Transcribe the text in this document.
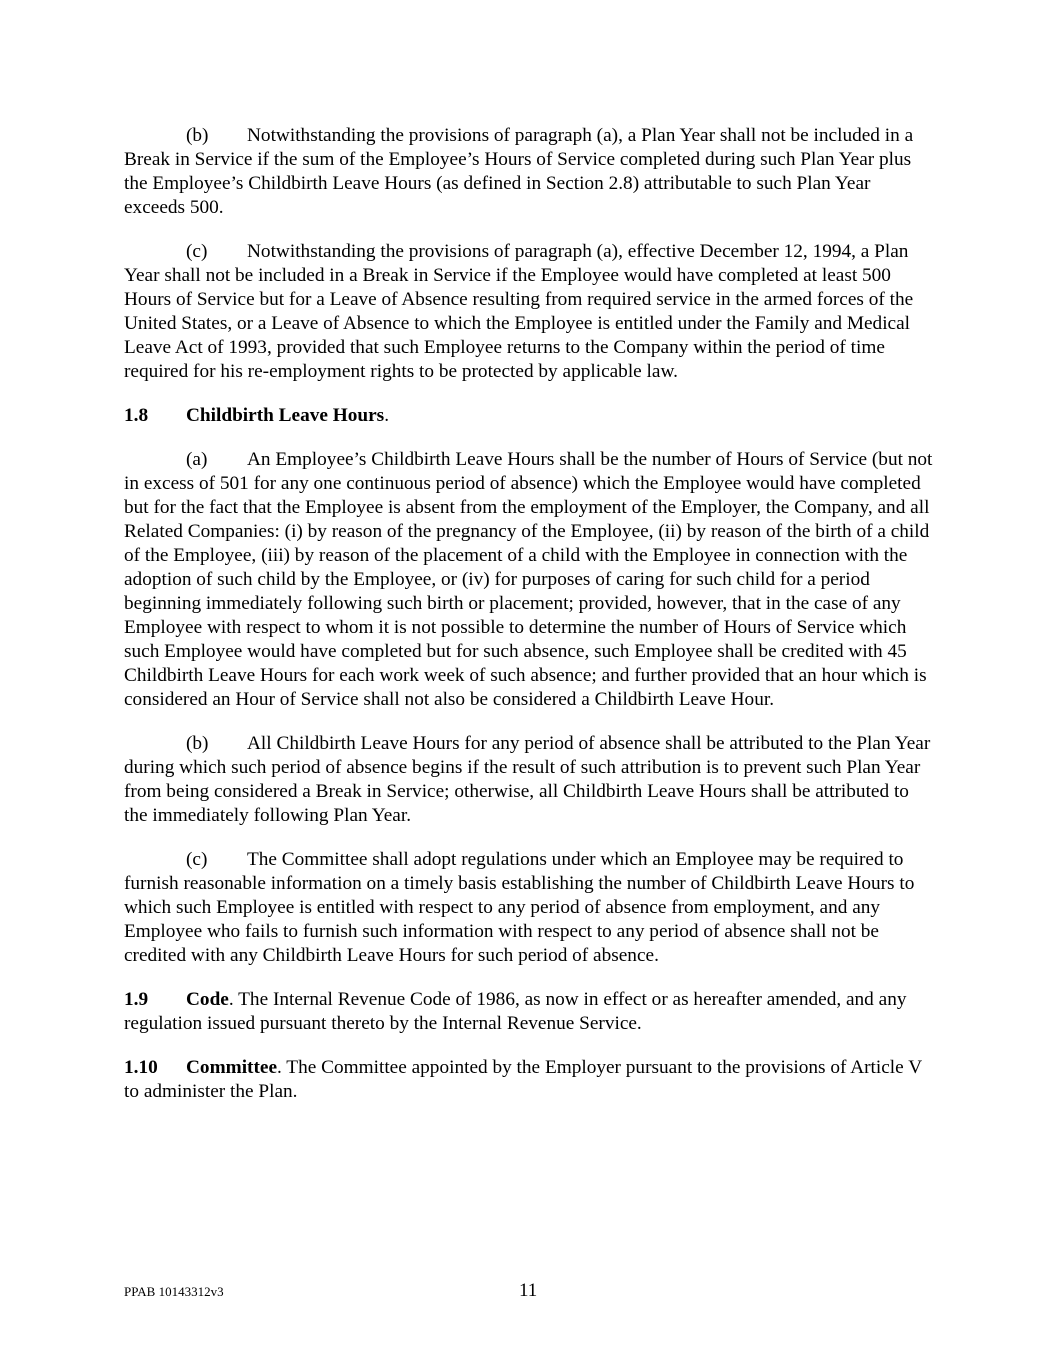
(b) Notwithstanding the provisions of paragraph (a), a Plan Year shall not be included in a Break in Service if the sum of the Employee’s Hours of Service completed during such Plan Year plus the Employee’s Childbirth Leave Hours (as defined in Section 2.8) attributable to such Plan Year exceeds 500.

(c) Notwithstanding the provisions of paragraph (a), effective December 12, 1994, a Plan Year shall not be included in a Break in Service if the Employee would have completed at least 500 Hours of Service but for a Leave of Absence resulting from required service in the armed forces of the United States, or a Leave of Absence to which the Employee is entitled under the Family and Medical Leave Act of 1993, provided that such Employee returns to the Company within the period of time required for his re-employment rights to be protected by applicable law.

1.8 Childbirth Leave Hours.

(a) An Employee’s Childbirth Leave Hours shall be the number of Hours of Service (but not in excess of 501 for any one continuous period of absence) which the Employee would have completed but for the fact that the Employee is absent from the employment of the Employer, the Company, and all Related Companies: (i) by reason of the pregnancy of the Employee, (ii) by reason of the birth of a child of the Employee, (iii) by reason of the placement of a child with the Employee in connection with the adoption of such child by the Employee, or (iv) for purposes of caring for such child for a period beginning immediately following such birth or placement; provided, however, that in the case of any Employee with respect to whom it is not possible to determine the number of Hours of Service which such Employee would have completed but for such absence, such Employee shall be credited with 45 Childbirth Leave Hours for each work week of such absence; and further provided that an hour which is considered an Hour of Service shall not also be considered a Childbirth Leave Hour.

(b) All Childbirth Leave Hours for any period of absence shall be attributed to the Plan Year during which such period of absence begins if the result of such attribution is to prevent such Plan Year from being considered a Break in Service; otherwise, all Childbirth Leave Hours shall be attributed to the immediately following Plan Year.

(c) The Committee shall adopt regulations under which an Employee may be required to furnish reasonable information on a timely basis establishing the number of Childbirth Leave Hours to which such Employee is entitled with respect to any period of absence from employment, and any Employee who fails to furnish such information with respect to any period of absence shall not be credited with any Childbirth Leave Hours for such period of absence.

1.9 Code. The Internal Revenue Code of 1986, as now in effect or as hereafter amended, and any regulation issued pursuant thereto by the Internal Revenue Service.

1.10 Committee. The Committee appointed by the Employer pursuant to the provisions of Article V to administer the Plan.

PPAB 10143312v3	11
